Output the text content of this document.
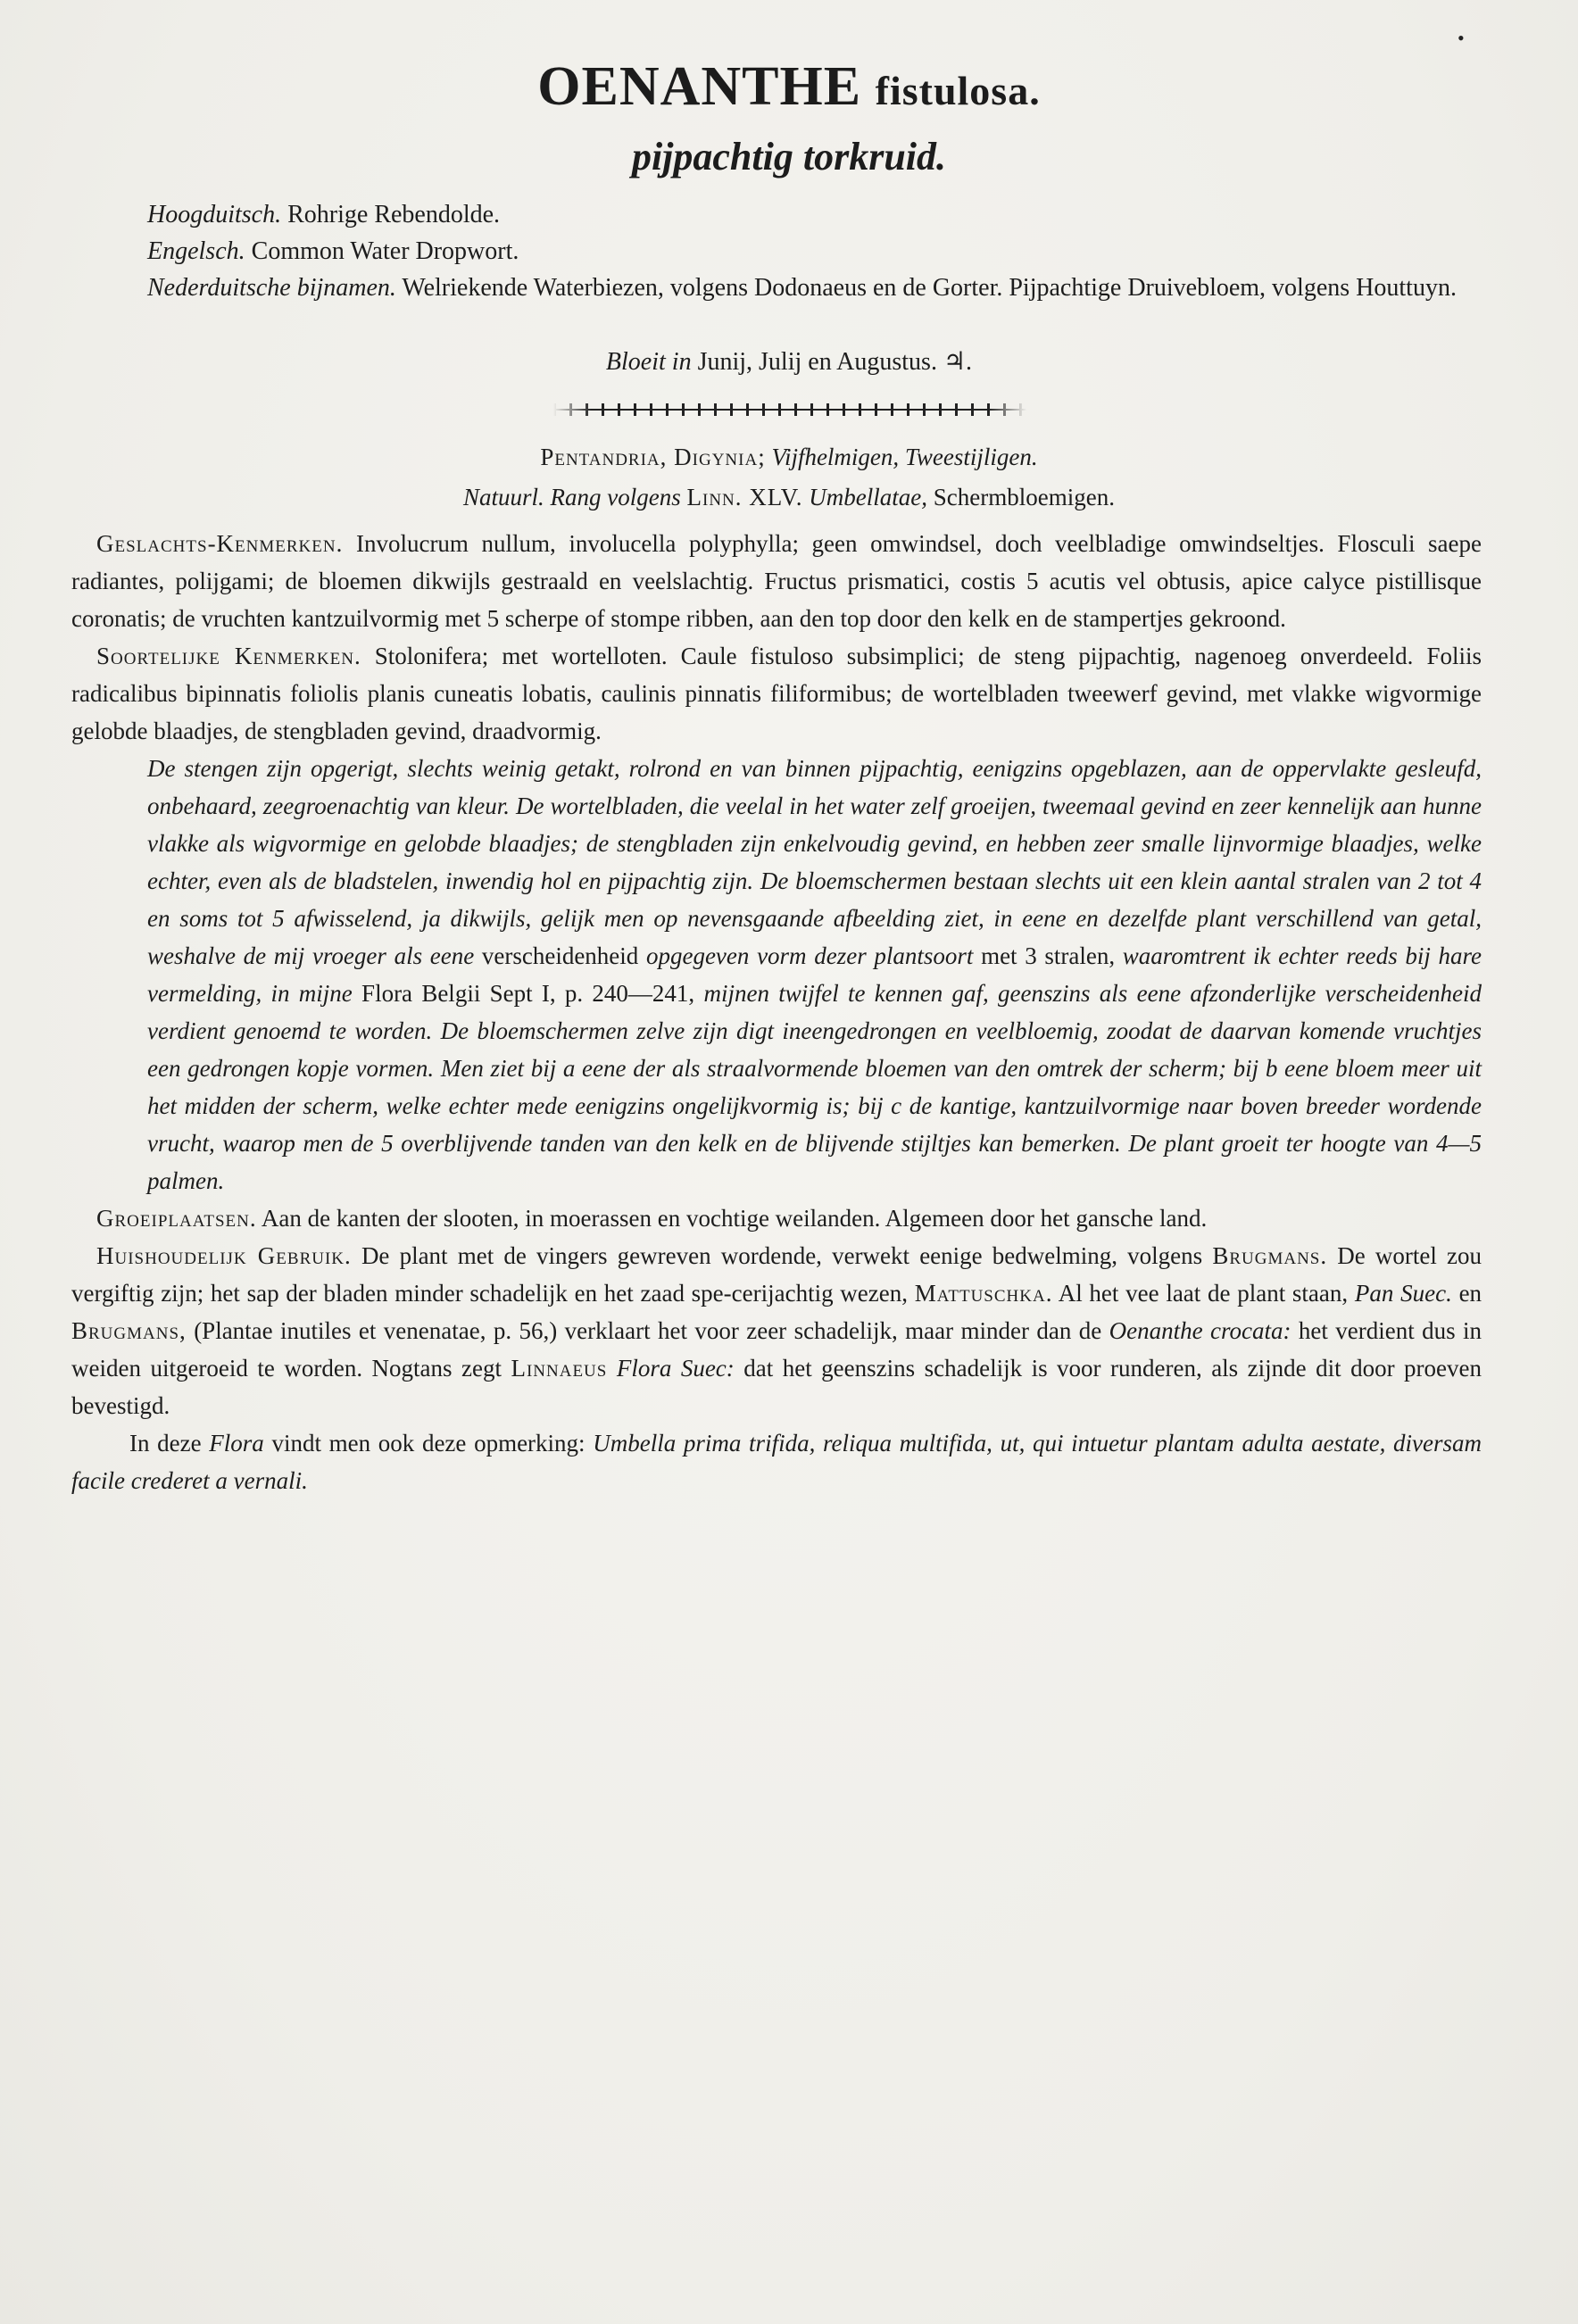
•
OENANTHE fistulosa.
pijpachtig torkruid.
Hoogduitsch. Rohrige Rebendolde.
Engelsch. Common Water Dropwort.
Nederduitsche bijnamen. Welriekende Waterbiezen, volgens Dodonaeus en de Gorter. Pijpachtige Druivebloem, volgens Houttuyn.
Bloeit in Junij, Julij en Augustus. ♃.
Pentandria, Digynia; Vijfhelmigen, Tweestijligen.
Natuurl. Rang volgens Linn. XLV. Umbellatae, Schermbloemigen.

Geslachts-Kenmerken. Involucrum nullum, involucella polyphylla; geen omwindsel, doch veelbladige omwindseltjes. Flosculi saepe radiantes, polijgami; de bloemen dikwijls gestraald en veelslachtig. Fructus prismatici, costis 5 acutis vel obtusis, apice calyce pistillisque coronatis; de vruchten kantzuilvormig met 5 scherpe of stompe ribben, aan den top door den kelk en de stampertjes gekroond.

Soortelijke Kenmerken. Stolonifera; met wortelloten. Caule fistuloso subsimplici; de steng pijpachtig, nagenoeg onverdeeld. Foliis radicalibus bipinnatis foliolis planis cuneatis lobatis, caulinis pinnatis filiformibus; de wortelbladen tweewerf gevind, met vlakke wigvormige gelobde blaadjes, de stengbladen gevind, draadvormig.

De stengen zijn opgerigt, slechts weinig getakt, rolrond en van binnen pijpachtig, eenigzins opgeblazen, aan de oppervlakte gesleufd, onbehaard, zeegroenachtig van kleur. De wortelbladen, die veelal in het water zelf groeijen, tweemaal gevind en zeer kennelijk aan hunne vlakke als wigvormige en gelobde blaadjes; de stengbladen zijn enkelvoudig gevind, en hebben zeer smalle lijnvormige blaadjes, welke echter, even als de bladstelen, inwendig hol en pijpachtig zijn. De bloemschermen bestaan slechts uit een klein aantal stralen van 2 tot 4 en soms tot 5 afwisselend, ja dikwijls, gelijk men op nevensgaande afbeelding ziet, in eene en dezelfde plant verschillend van getal, weshalve de mij vroeger als eene verscheidenheid opgegeven vorm dezer plantsoort met 3 stralen, waaromtrent ik echter reeds bij hare vermelding, in mijne Flora Belgii Sept I, p. 240—241, mijnen twijfel te kennen gaf, geenszins als eene afzonderlijke verscheidenheid verdient genoemd te worden. De bloemschermen zelve zijn digt ineengedrongen en veelbloemig, zoodat de daarvan komende vruchtjes een gedrongen kopje vormen. Men ziet bij a eene der als straalvormende bloemen van den omtrek der scherm; bij b eene bloem meer uit het midden der scherm, welke echter mede eenigzins ongelijkvormig is; bij c de kantige, kantzuilvormige naar boven breeder wordende vrucht, waarop men de 5 overblijvende tanden van den kelk en de blijvende stijltjes kan bemerken. De plant groeit ter hoogte van 4—5 palmen.

Groeiplaatsen. Aan de kanten der slooten, in moerassen en vochtige weilanden. Algemeen door het gansche land.

Huishoudelijk Gebruik. De plant met de vingers gewreven wordende, verwekt eenige bedwelming, volgens Brugmans. De wortel zou vergiftig zijn; het sap der bladen minder schadelijk en het zaad spe-cerijachtig wezen, Mattuschka. Al het vee laat de plant staan, Pan Suec. en Brugmans, (Plantae inutiles et venenatae, p. 56,) verklaart het voor zeer schadelijk, maar minder dan de Oenanthe crocata: het verdient dus in weiden uitgeroeid te worden. Nogtans zegt Linnaeus Flora Suec: dat het geenszins schadelijk is voor runderen, als zijnde dit door proeven bevestigd.

In deze Flora vindt men ook deze opmerking: Umbella prima trifida, reliqua multifida, ut, qui intuetur plantam adulta aestate, diversam facile crederet a vernali.
